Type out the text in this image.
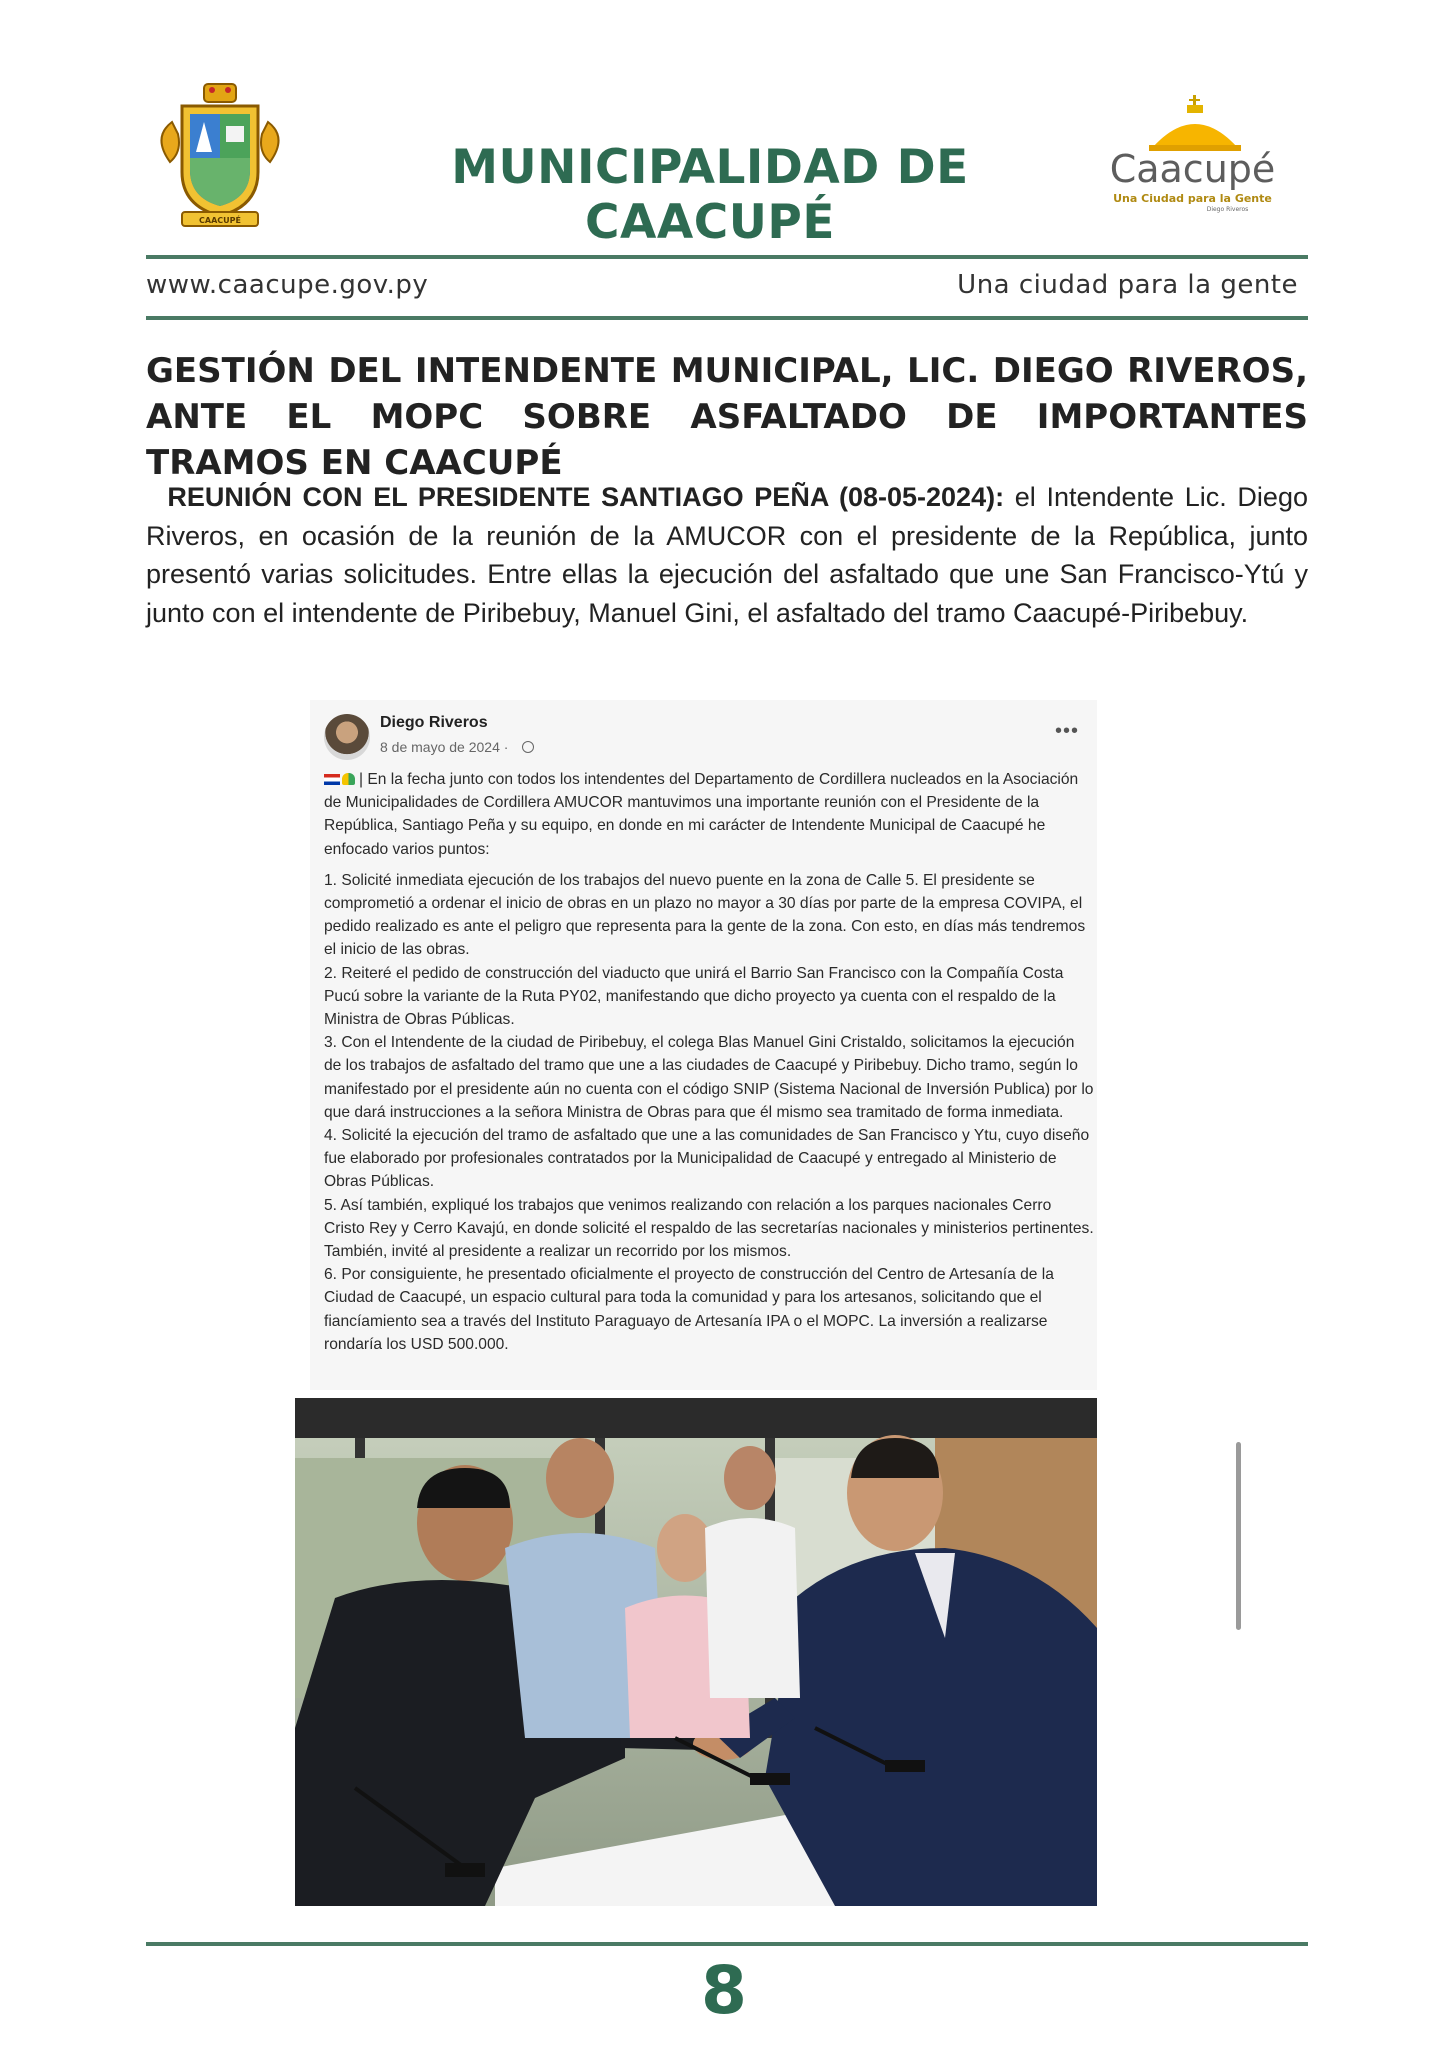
CAACUPÉ
MUNICIPALIDAD DE CAACUPÉ
Caacupé
Una Ciudad para la Gente
Diego Riveros
www.caacupe.gov.py	Una ciudad para la gente
GESTIÓN DEL INTENDENTE MUNICIPAL, LIC. DIEGO RIVEROS, ANTE EL MOPC SOBRE ASFALTADO DE IMPORTANTES TRAMOS EN CAACUPÉ
REUNIÓN CON EL PRESIDENTE SANTIAGO PEÑA (08-05-2024): el Intendente Lic. Diego Riveros, en ocasión de la reunión de la AMUCOR con el presidente de la República, junto presentó varias solicitudes. Entre ellas la ejecución del asfaltado que une San Francisco-Ytú y junto con el intendente de Piribebuy, Manuel Gini, el asfaltado del tramo Caacupé-Piribebuy.
Diego Riveros
8 de mayo de 2024 ·
•••

| En la fecha junto con todos los intendentes del Departamento de Cordillera nucleados en la Asociación de Municipalidades de Cordillera AMUCOR mantuvimos una importante reunión con el Presidente de la República, Santiago Peña y su equipo, en donde en mi carácter de Intendente Municipal de Caacupé he enfocado varios puntos:

1. Solicité inmediata ejecución de los trabajos del nuevo puente en la zona de Calle 5. El presidente se comprometió a ordenar el inicio de obras en un plazo no mayor a 30 días por parte de la empresa COVIPA, el pedido realizado es ante el peligro que representa para la gente de la zona. Con esto, en días más tendremos el inicio de las obras.

2. Reiteré el pedido de construcción del viaducto que unirá el Barrio San Francisco con la Compañía Costa Pucú sobre la variante de la Ruta PY02, manifestando que dicho proyecto ya cuenta con el respaldo de la Ministra de Obras Públicas.

3. Con el Intendente de la ciudad de Piribebuy, el colega Blas Manuel Gini Cristaldo, solicitamos la ejecución de los trabajos de asfaltado del tramo que une a las ciudades de Caacupé y Piribebuy. Dicho tramo, según lo manifestado por el presidente aún no cuenta con el código SNIP (Sistema Nacional de Inversión Publica) por lo que dará instrucciones a la señora Ministra de Obras para que él mismo sea tramitado de forma inmediata.

4. Solicité la ejecución del tramo de asfaltado que une a las comunidades de San Francisco y Ytu, cuyo diseño fue elaborado por profesionales contratados por la Municipalidad de Caacupé y entregado al Ministerio de Obras Públicas.

5. Así también, expliqué los trabajos que venimos realizando con relación a los parques nacionales Cerro Cristo Rey y Cerro Kavajú, en donde solicité el respaldo de las secretarías nacionales y ministerios pertinentes. También, invité al presidente a realizar un recorrido por los mismos.

6. Por consiguiente, he presentado oficialmente el proyecto de construcción del Centro de Artesanía de la Ciudad de Caacupé, un espacio cultural para toda la comunidad y para los artesanos, solicitando que el fiancíamiento sea a través del Instituto Paraguayo de Artesanía IPA o el MOPC. La inversión a realizarse rondaría los USD 500.000.

8
